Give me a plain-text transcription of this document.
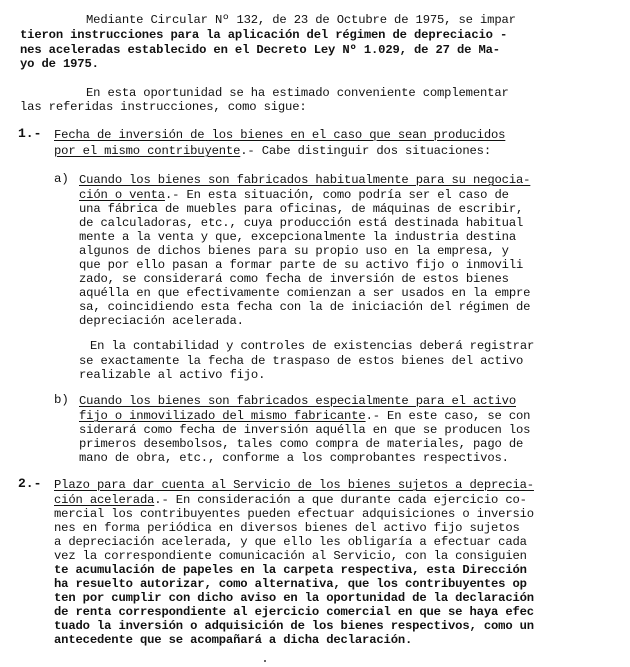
Mediante Circular Nº 132, de 23 de Octubre de 1975, se impar
tieron instrucciones para la aplicación del régimen de depreciacio -
nes aceleradas establecido en el Decreto Ley Nº 1.029, de 27 de Ma-
yo de 1975.
En esta oportunidad se ha estimado conveniente complementar
las referidas instrucciones, como sigue:
1.- Fecha de inversión de los bienes en el caso que sean producidos
por el mismo contribuyente.- Cabe distinguir dos situaciones:
a) Cuando los bienes son fabricados habitualmente para su negocia-
ción o venta.- En esta situación, como podría ser el caso de
una fábrica de muebles para oficinas, de máquinas de escribir,
de calculadoras, etc., cuya producción está destinada habitual
mente a la venta y que, excepcionalmente la industria destina
algunos de dichos bienes para su propio uso en la empresa, y
que por ello pasan a formar parte de su activo fijo o inmovili
zado, se considerará como fecha de inversión de estos bienes
aquélla en que efectivamente comienzan a ser usados en la empre
sa, coincidiendo esta fecha con la de iniciación del régimen de
depreciación acelerada.
En la contabilidad y controles de existencias deberá registrar
se exactamente la fecha de traspaso de estos bienes del activo
realizable al activo fijo.
b) Cuando los bienes son fabricados especialmente para el activo
fijo o inmovilizado del mismo fabricante.- En este caso, se con
siderará como fecha de inversión aquélla en que se producen los
primeros desembolsos, tales como compra de materiales, pago de
mano de obra, etc., conforme a los comprobantes respectivos.
2.- Plazo para dar cuenta al Servicio de los bienes sujetos a depreciа-
ción acelerada.- En consideración a que durante cada ejercicio co-
mercial los contribuyentes pueden efectuar adquisiciones o inversio
nes en forma periódica en diversos bienes del activo fijo sujetos
a depreciación acelerada, y que ello les obligaría a efectuar cada
vez la correspondiente comunicación al Servicio, con la consiguien
te acumulación de papeles en la carpeta respectiva, esta Dirección
ha resuelto autorizar, como alternativa, que los contribuyentes op
ten por cumplir con dicho aviso en la oportunidad de la declaración
de renta correspondiente al ejercicio comercial en que se haya efec
tuado la inversión o adquisición de los bienes respectivos, como un
antecedente que se acompañará a dicha declaración.
